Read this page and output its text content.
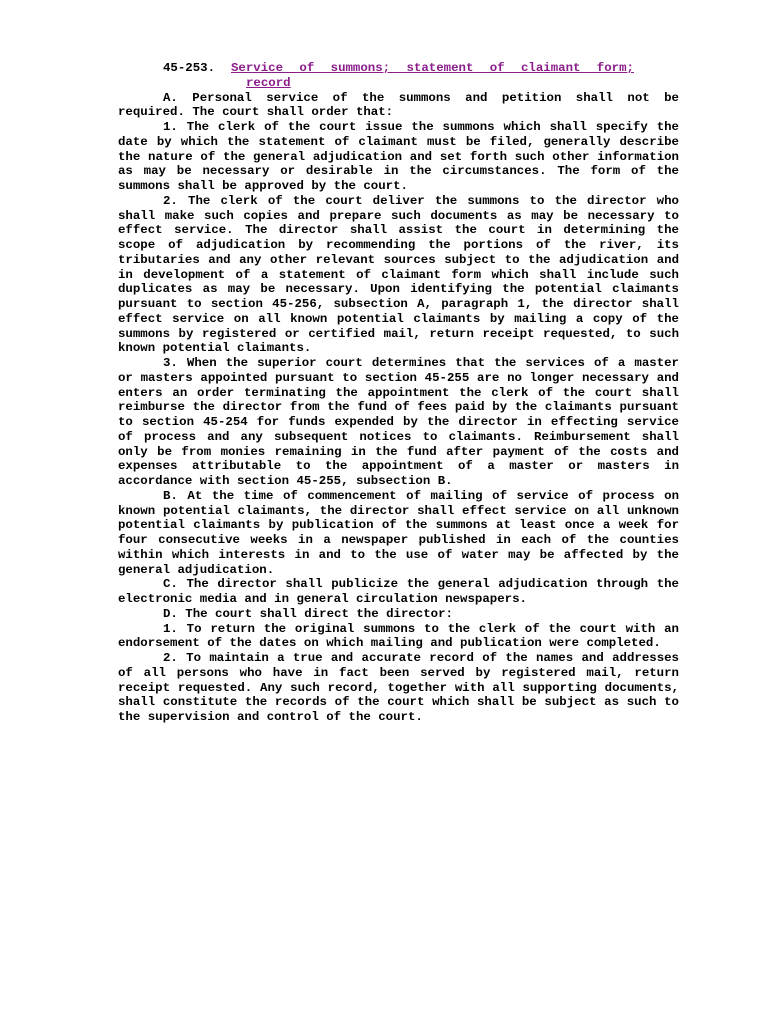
45-253. Service of summons; statement of claimant form;
record

A. Personal service of the summons and petition shall not be required. The court shall order that:

1. The clerk of the court issue the summons which shall specify the date by which the statement of claimant must be filed, generally describe the nature of the general adjudication and set forth such other information as may be necessary or desirable in the circumstances. The form of the summons shall be approved by the court.

2. The clerk of the court deliver the summons to the director who shall make such copies and prepare such documents as may be necessary to effect service. The director shall assist the court in determining the scope of adjudication by recommending the portions of the river, its tributaries and any other relevant sources subject to the adjudication and in development of a statement of claimant form which shall include such duplicates as may be necessary. Upon identifying the potential claimants pursuant to section 45-256, subsection A, paragraph 1, the director shall effect service on all known potential claimants by mailing a copy of the summons by registered or certified mail, return receipt requested, to such known potential claimants.

3. When the superior court determines that the services of a master or masters appointed pursuant to section 45-255 are no longer necessary and enters an order terminating the appointment the clerk of the court shall reimburse the director from the fund of fees paid by the claimants pursuant to section 45-254 for funds expended by the director in effecting service of process and any subsequent notices to claimants. Reimbursement shall only be from monies remaining in the fund after payment of the costs and expenses attributable to the appointment of a master or masters in accordance with section 45-255, subsection B.

B. At the time of commencement of mailing of service of process on known potential claimants, the director shall effect service on all unknown potential claimants by publication of the summons at least once a week for four consecutive weeks in a newspaper published in each of the counties within which interests in and to the use of water may be affected by the general adjudication.

C. The director shall publicize the general adjudication through the electronic media and in general circulation newspapers.

D. The court shall direct the director:

1. To return the original summons to the clerk of the court with an endorsement of the dates on which mailing and publication were completed.

2. To maintain a true and accurate record of the names and addresses of all persons who have in fact been served by registered mail, return receipt requested. Any such record, together with all supporting documents, shall constitute the records of the court which shall be subject as such to the supervision and control of the court.
